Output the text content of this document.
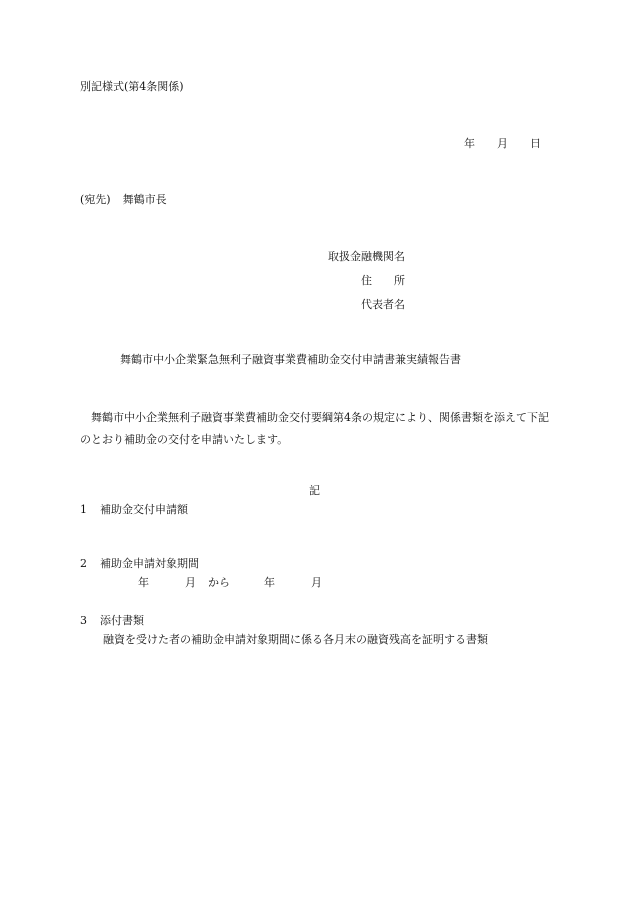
別記様式(第4条関係)
年 月 日
(宛先) 舞鶴市長
取扱金融機関名
住 所
代表者名
舞鶴市中小企業緊急無利子融資事業費補助金交付申請書兼実績報告書

舞鶴市中小企業無利子融資事業費補助金交付要綱第4条の規定により、関係書類を添えて下記のとおり補助金の交付を申請いたします。

記
1 補助金交付申請額
2 補助金申請対象期間
年	月 から	年	月
3 添付書類
融資を受けた者の補助金申請対象期間に係る各月末の融資残高を証明する書類
